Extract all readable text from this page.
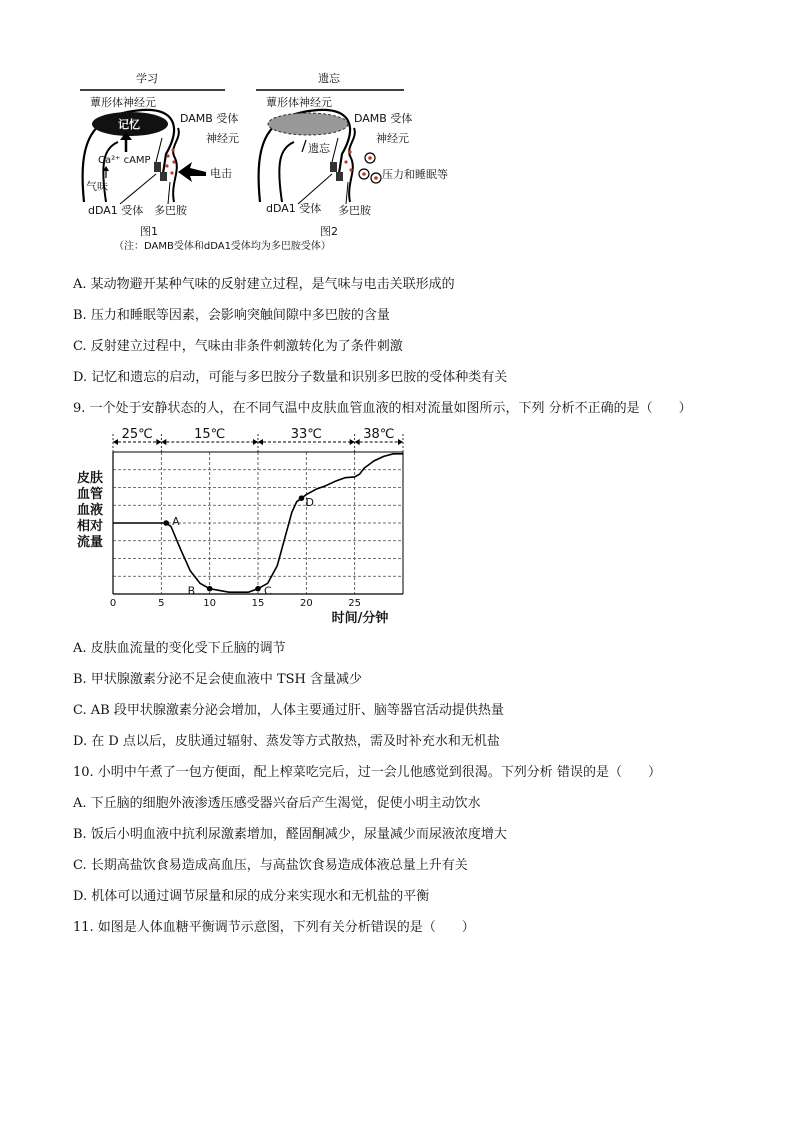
学习	遗忘
蕈形体神经元
记忆
Ca²⁺ cAMP
气味
DAMB 受体
神经元
电击
dDA1 受体 多巴胺
图1
蕈形体神经元
遗忘
DAMB 受体
神经元
压力和睡眠等
dDA1 受体 多巴胺
图2
（注：DAMB受体和dDA1受体均为多巴胺受体）
A. 某动物避开某种气味的反射建立过程，是气味与电击关联形成的
B. 压力和睡眠等因素，会影响突触间隙中多巴胺的含量
C. 反射建立过程中，气味由非条件刺激转化为了条件刺激
D. 记忆和遗忘的启动，可能与多巴胺分子数量和识别多巴胺的受体种类有关
9. 一个处于安静状态的人，在不同气温中皮肤血管血液的相对流量如图所示，下列 分析不正确的是（　　）
25℃	15℃	33℃	38℃
A
B	C
D
0	5	10	15	20	25
时间/分钟
皮肤
血管
血液
相对
流量
A. 皮肤血流量的变化受下丘脑的调节
B. 甲状腺激素分泌不足会使血液中 TSH 含量减少
C. AB 段甲状腺激素分泌会增加，人体主要通过肝、脑等器官活动提供热量
D. 在 D 点以后，皮肤通过辐射、蒸发等方式散热，需及时补充水和无机盐
10. 小明中午煮了一包方便面，配上榨菜吃完后，过一会儿他感觉到很渴。下列分析 错误的是（　　）
A. 下丘脑的细胞外液渗透压感受器兴奋后产生渴觉，促使小明主动饮水
B. 饭后小明血液中抗利尿激素增加，醛固酮减少，尿量减少而尿液浓度增大
C. 长期高盐饮食易造成高血压，与高盐饮食易造成体液总量上升有关
D. 机体可以通过调节尿量和尿的成分来实现水和无机盐的平衡
11. 如图是人体血糖平衡调节示意图，下列有关分析错误的是（　　）
